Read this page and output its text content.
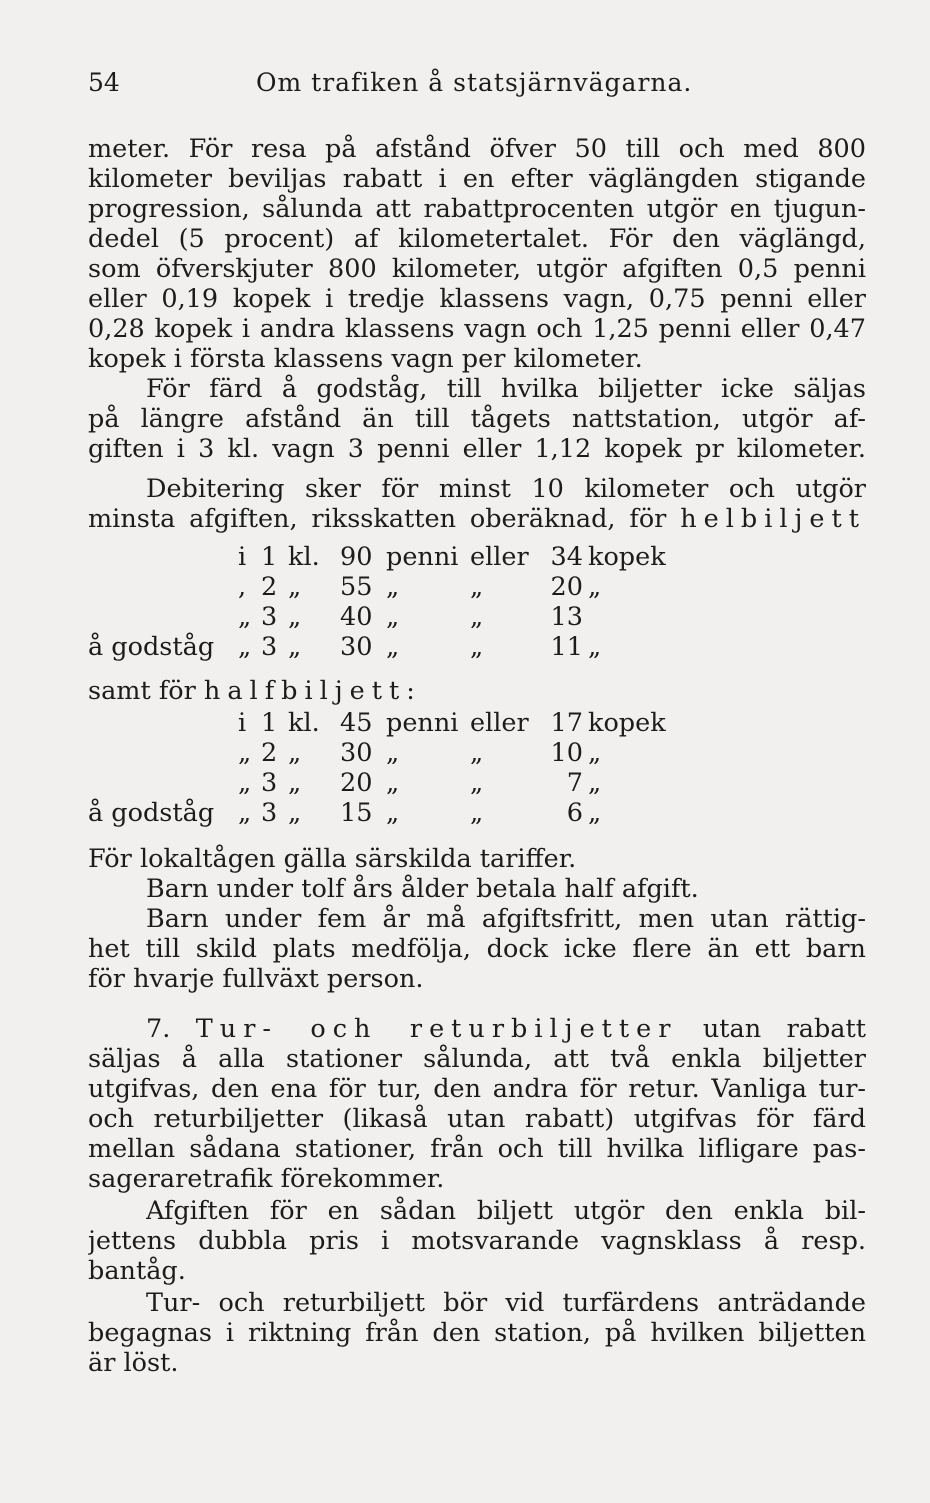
54	Om trafiken å statsjärnvägarna.
meter. För resa på afstånd öfver 50 till och med 800
kilometer beviljas rabatt i en efter väglängden stigande
progression, sålunda att rabattprocenten utgör en tjugun-
dedel (5 procent) af kilometertalet. För den väglängd,
som öfverskjuter 800 kilometer, utgör afgiften 0,5 penni
eller 0,19 kopek i tredje klassens vagn, 0,75 penni eller
0,28 kopek i andra klassens vagn och 1,25 penni eller 0,47
kopek i första klassens vagn per kilometer.
För färd å godståg, till hvilka biljetter icke säljas
på längre afstånd än till tågets nattstation, utgör af-
giften i 3 kl. vagn 3 penni eller 1,12 kopek pr kilometer.
Debitering sker för minst 10 kilometer och utgör
minsta afgiften, riksskatten oberäknad, för helbiljett
i 1 kl. 90 penni eller 34 kopek
, 2 „ 55 „	„	20 „
„ 3 „ 40 „	„	13
å godståg „ 3 „ 30 „	„	11 „
samt för halfbiljett:
i 1 kl. 45 penni eller 17 kopek
„ 2 „ 30 „	„	10 „
„ 3 „ 20 „	„	7 „
å godståg „ 3 „ 15 „	„	6 „
För lokaltågen gälla särskilda tariffer.
Barn under tolf års ålder betala half afgift.
Barn under fem år må afgiftsfritt, men utan rättig-
het till skild plats medfölja, dock icke flere än ett barn
för hvarje fullväxt person.
7. Tur- och returbiljetter utan rabatt
säljas å alla stationer sålunda, att två enkla biljetter
utgifvas, den ena för tur, den andra för retur. Vanliga tur-
och returbiljetter (likaså utan rabatt) utgifvas för färd
mellan sådana stationer, från och till hvilka lifligare pas-
sageraretrafik förekommer.
Afgiften för en sådan biljett utgör den enkla bil-
jettens dubbla pris i motsvarande vagnsklass å resp.
bantåg.
Tur- och returbiljett bör vid turfärdens anträdande
begagnas i riktning från den station, på hvilken biljetten
är löst.
